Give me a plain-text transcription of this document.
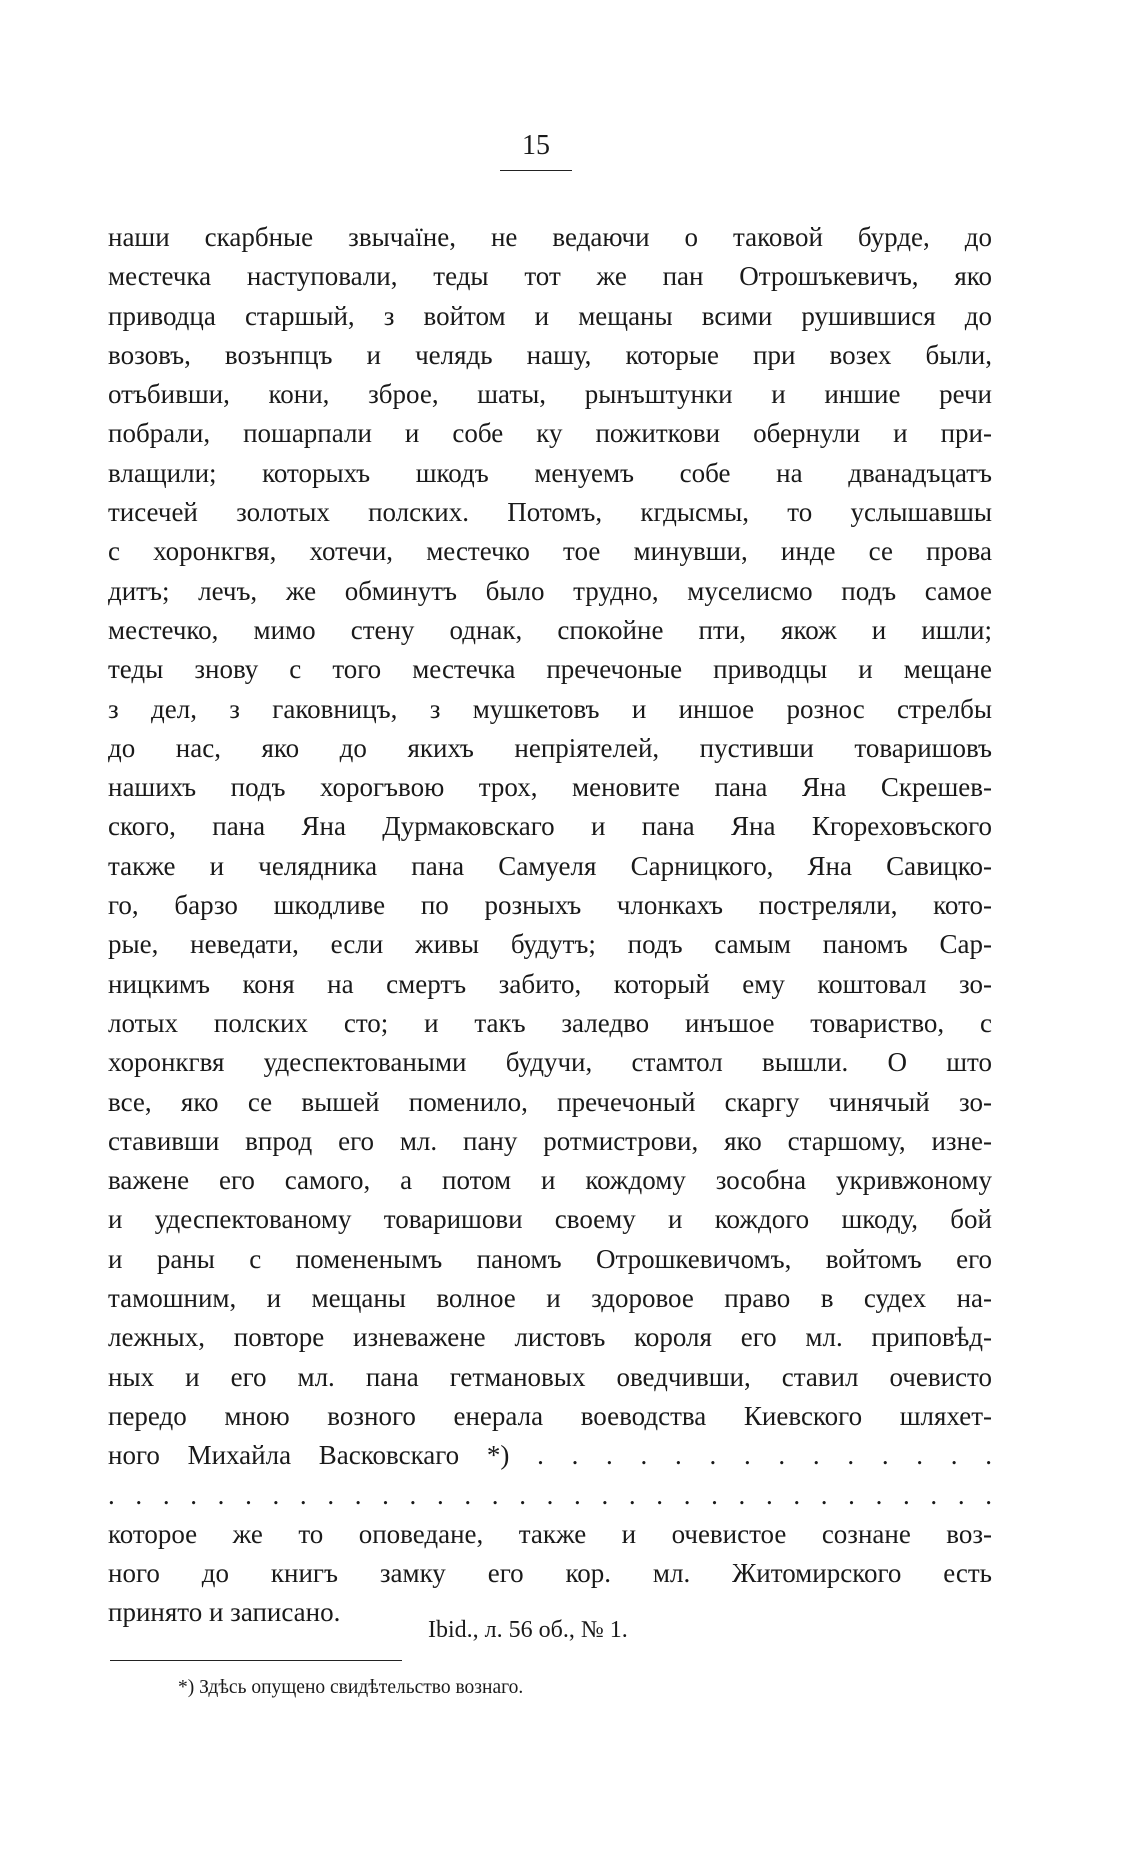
15
наши скарбные звычаїне, не ведаючи о таковой бурде, до
местечка наступовали, теды тот же пан Отрошъкевичъ, яко
приводца старшый, з войтом и мещаны всими рушившися до
возовъ, возънпцъ и челядь нашу, которые при возех были,
отъбивши, кони, зброе, шаты, рынъштунки и иншие речи
побрали, пошарпали и собе ку пожиткови обернули и при-
влащили; которыхъ шкодъ менуемъ собе на дванадъцатъ
тисечей золотых полских. Потомъ, кгдысмы, то услышавшы
с хоронкгвя, хотечи, местечко тое минувши, инде се прова
дитъ; лечъ, же обминутъ было трудно, муселисмо подъ самое
местечко, мимо стену однак, спокойне пти, якож и ишли;
теды знову с того местечка пречечоные приводцы и мещане
з дел, з гаковницъ, з мушкетовъ и иншое рознос стрелбы
до нас, яко до якихъ непріятелей, пустивши товаришовъ
нашихъ подъ хорогъвою трох, меновите пана Яна Скрешев-
ского, пана Яна Дурмаковскаго и пана Яна Кгореховъского
также и челядника пана Самуеля Сарницкого, Яна Савицко-
го, барзо шкодливе по розныхъ члонкахъ постреляли, кото-
рые, неведати, если живы будутъ; подъ самым паномъ Сар-
ницкимъ коня на смертъ забито, который ему коштовал зо-
лотых полских сто; и такъ заледво инъшое товариство, с
хоронкгвя удеспектоваными будучи, стамтол вышли. О што
все, яко се вышей поменило, пречечоный скаргу чинячый зо-
ставивши впрод его мл. пану ротмистрови, яко старшому, изне-
важене его самого, а потом и кождому зособна укривжоному
и удеспектованому товаришови своему и кождого шкоду, бой
и раны с помененымъ паномъ Отрошкевичомъ, войтомъ его
тамошним, и мещаны волное и здоровое право в судех на-
лежных, повторе изневажене листовъ короля его мл. приповѣд-
ных и его мл. пана гетмановых оведчивши, ставил очевисто
передо мною возного енерала воеводства Киевского шляхет-
ного Михайла Васковскаго *) . . . . . . . . . . . . . .
. . . . . . . . . . . . . . . . . . . . . . . . . . . . . . . . .
которое же то оповедане, также и очевистое сознане воз-
ного до книгъ замку его кор. мл. Житомирского есть
принято и записано.
Ibid., л. 56 об., № 1.
*) Здѣсь опущено свидѣтельство вознаго.
